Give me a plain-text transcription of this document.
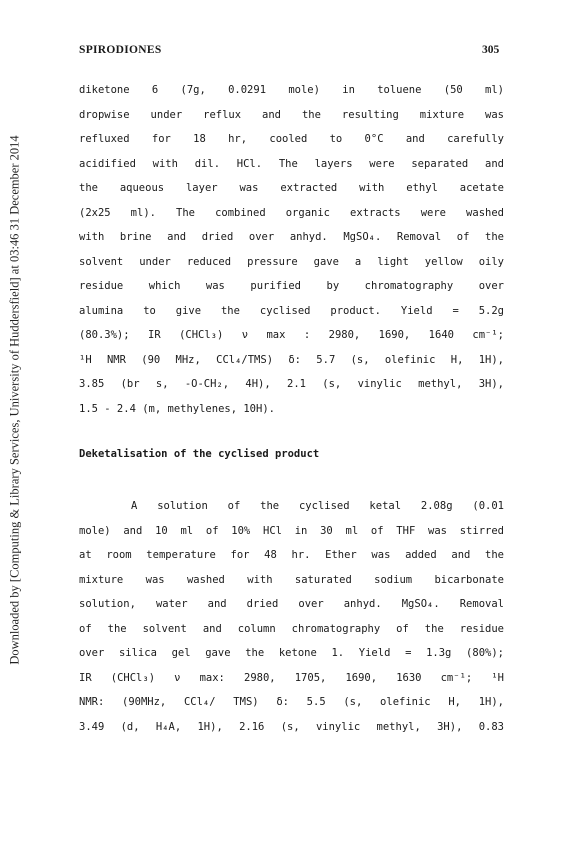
Downloaded by [Computing & Library Services, University of Huddersfield] at 03:46 31 December 2014
SPIRODIONES	305
diketone 6 (7g, 0.0291 mole) in toluene (50 ml)
dropwise under reflux and the resulting mixture was
refluxed for 18 hr, cooled to 0°C and carefully
acidified with dil. HCl. The layers were separated and
the aqueous layer was extracted with ethyl acetate
(2x25 ml). The combined organic extracts were washed
with brine and dried over anhyd. MgSO₄. Removal of the
solvent under reduced pressure gave a light yellow oily
residue which was purified by chromatography over
alumina to give the cyclised product. Yield = 5.2g
(80.3%); IR (CHCl₃) ν max : 2980, 1690, 1640 cm⁻¹;
¹H NMR (90 MHz, CCl₄/TMS) δ: 5.7 (s, olefinic H, 1H),
3.85 (br s, -O-CH₂, 4H), 2.1 (s, vinylic methyl, 3H),
1.5 - 2.4 (m, methylenes, 10H).
Deketalisation of the cyclised product
A solution of the cyclised ketal 2.08g (0.01
mole) and 10 ml of 10% HCl in 30 ml of THF was stirred
at room temperature for 48 hr. Ether was added and the
mixture was washed with saturated sodium bicarbonate
solution, water and dried over anhyd. MgSO₄. Removal
of the solvent and column chromatography of the residue
over silica gel gave the ketone 1. Yield = 1.3g (80%);
IR (CHCl₃) ν max: 2980, 1705, 1690, 1630 cm⁻¹; ¹H
NMR: (90MHz, CCl₄/ TMS) δ: 5.5 (s, olefinic H, 1H),
3.49 (d, H₄A, 1H), 2.16 (s, vinylic methyl, 3H), 0.83
